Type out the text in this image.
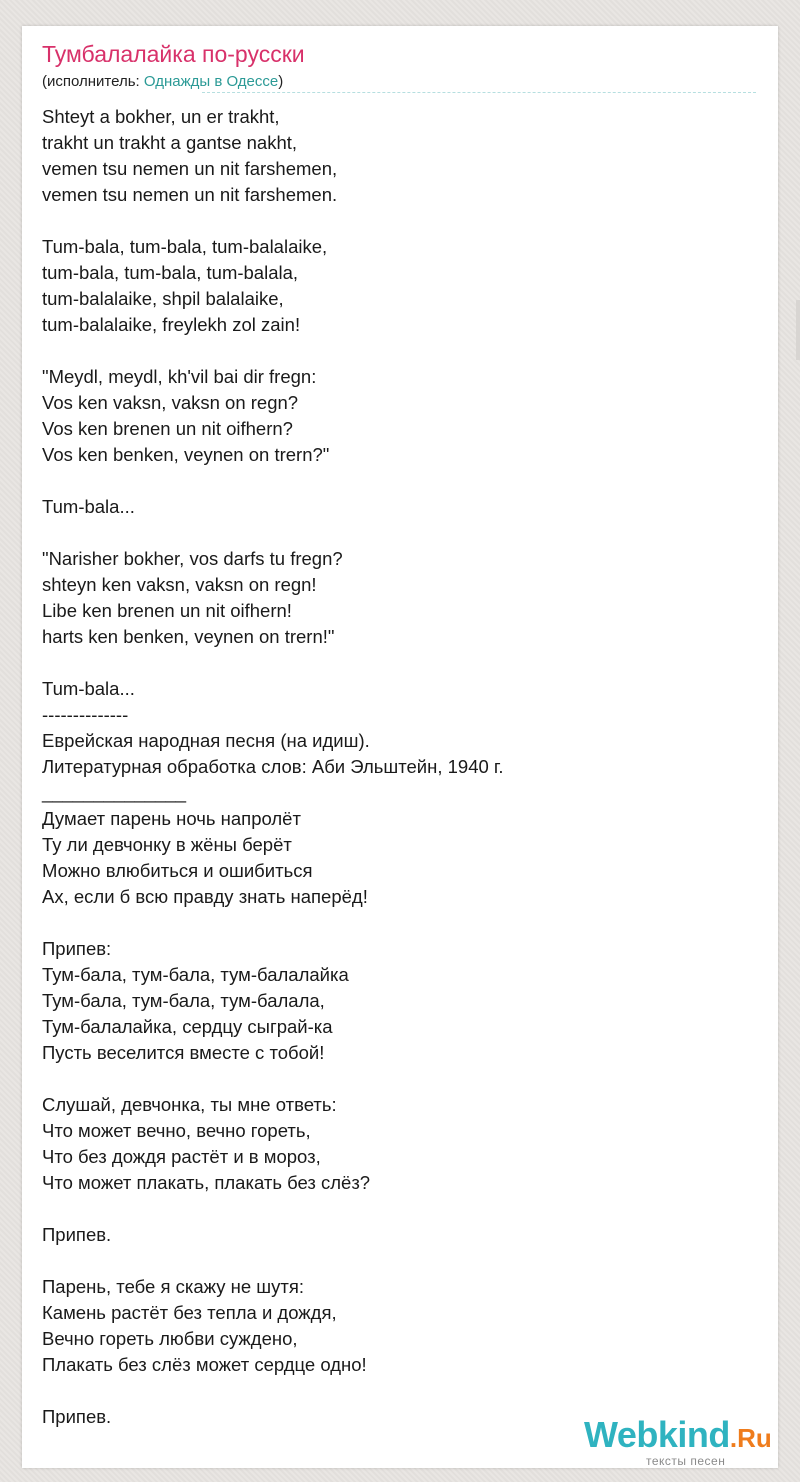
Тумбалалайка по-русски
(исполнитель: Однажды в Одессе)
Shteyt a bokher, un er trakht,
trakht un trakht a gantse nakht,
vemen tsu nemen un nit farshemen,
vemen tsu nemen un nit farshemen.
Tum-bala, tum-bala, tum-balalaike,
tum-bala, tum-bala, tum-balala,
tum-balalaike, shpil balalaike,
tum-balalaike, freylekh zol zain!
"Meydl, meydl, kh'vil bai dir fregn:
Vos ken vaksn, vaksn on regn?
Vos ken brenen un nit oifhern?
Vos ken benken, veynen on trern?"
Tum-bala...
"Narisher bokher, vos darfs tu fregn?
shteyn ken vaksn, vaksn on regn!
Libe ken brenen un nit oifhern!
harts ken benken, veynen on trern!"
Tum-bala...
--------------
Еврейская народная песня (на идиш).
Литературная обработка слов: Аби Эльштейн, 1940 г.
______________
Думает парень ночь напролёт
Ту ли девчонку в жёны берёт
Можно влюбиться и ошибиться
Ах, если б всю правду знать наперёд!
Припев:
Тум-бала, тум-бала, тум-балалайка
Тум-бала, тум-бала, тум-балала,
Тум-балалайка, сердцу сыграй-ка
Пусть веселится вместе с тобой!
Слушай, девчонка, ты мне ответь:
Что может вечно, вечно гореть,
Что без дождя растёт и в мороз,
Что может плакать, плакать без слёз?
Припев.
Парень, тебе я скажу не шутя:
Камень растёт без тепла и дождя,
Вечно гореть любви суждено,
Плакать без слёз может сердце одно!
Припев.	Webkind.Ru
тексты песен
